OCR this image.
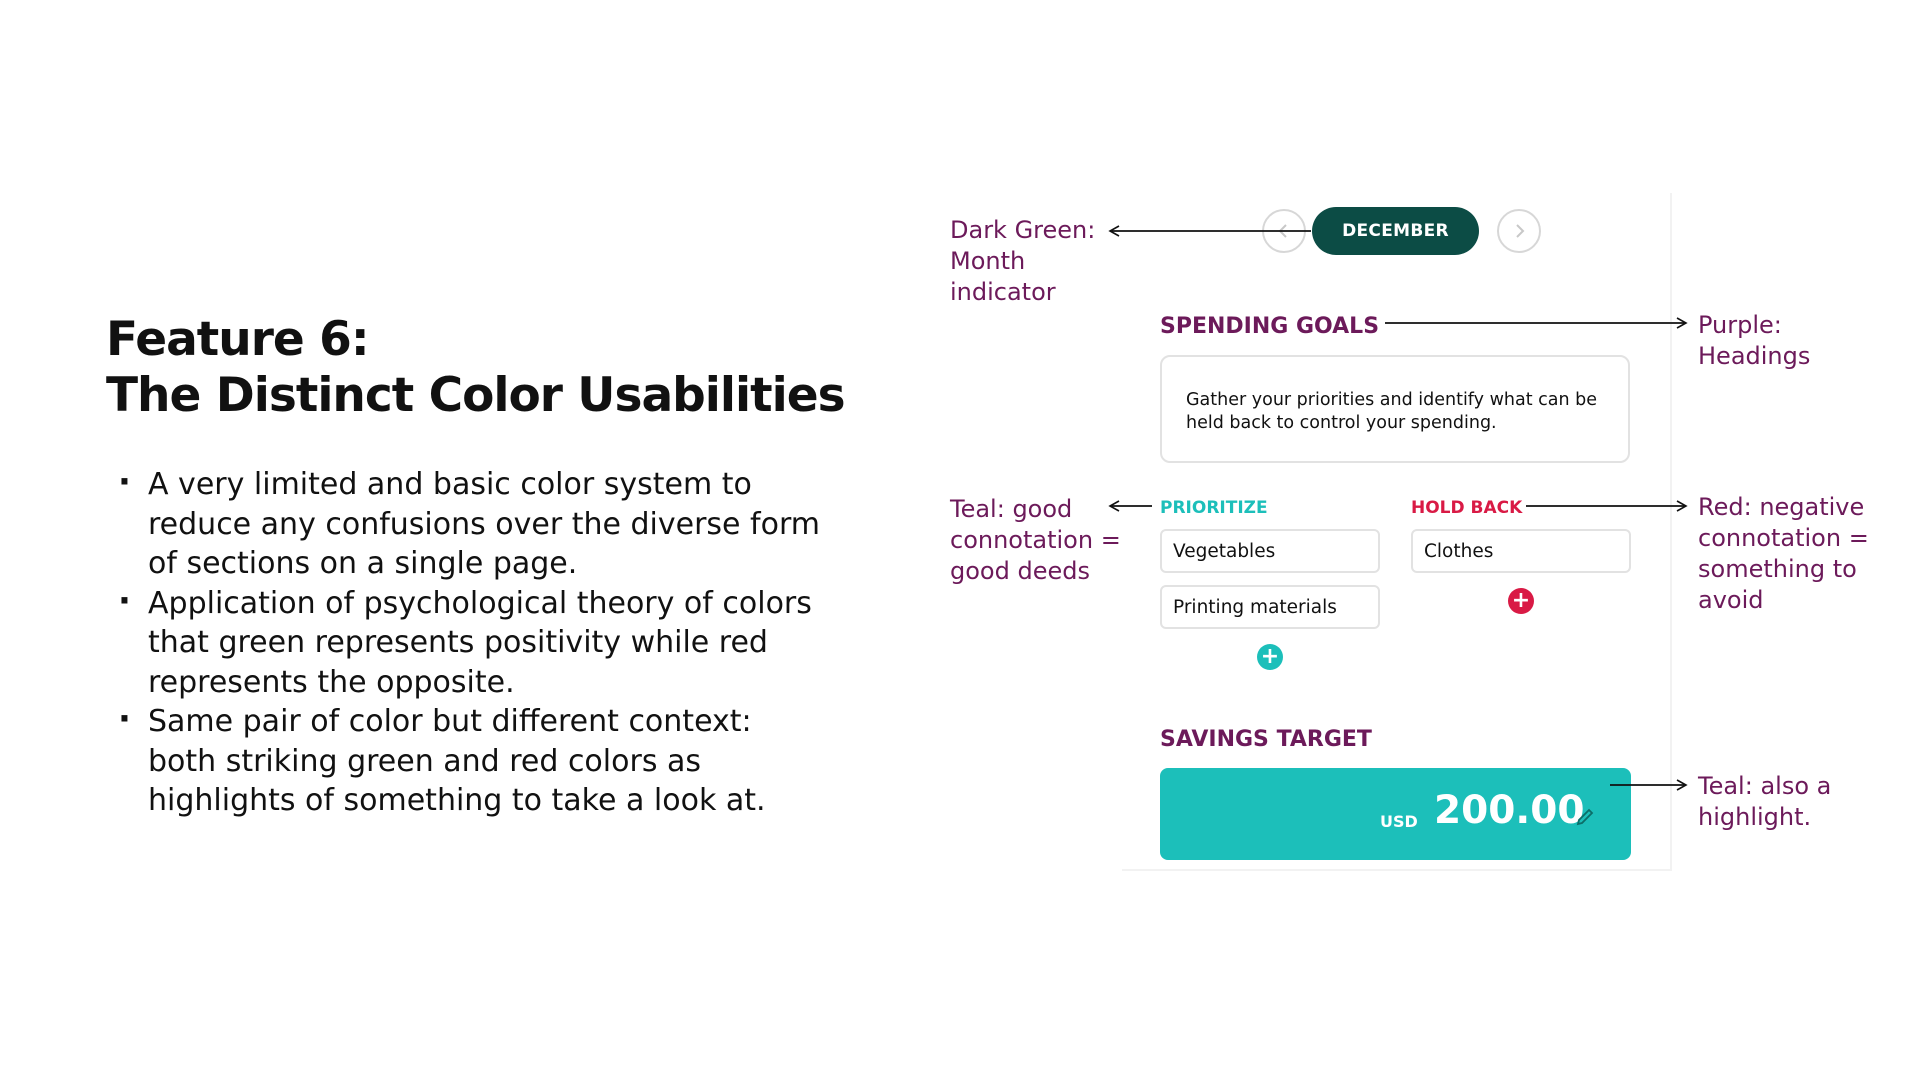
Feature 6:
The Distinct Color Usabilities
· A very limited and basic color system to reduce any confusions over the diverse form of sections on a single page.
· Application of psychological theory of colors that green represents positivity while red represents the opposite.
· Same pair of color but different context: both striking green and red colors as highlights of something to take a look at.
DECEMBER
SPENDING GOALS
Gather your priorities and identify what can be held back to control your spending.
PRIORITIZE	HOLD BACK
Vegetables
Printing materials
+
Clothes
+
SAVINGS TARGET
USD 200.00
Dark Green:
Month
indicator
Purple:
Headings
Teal: good
connotation =
good deeds
Red: negative
connotation =
something to
avoid
Teal: also a
highlight.
